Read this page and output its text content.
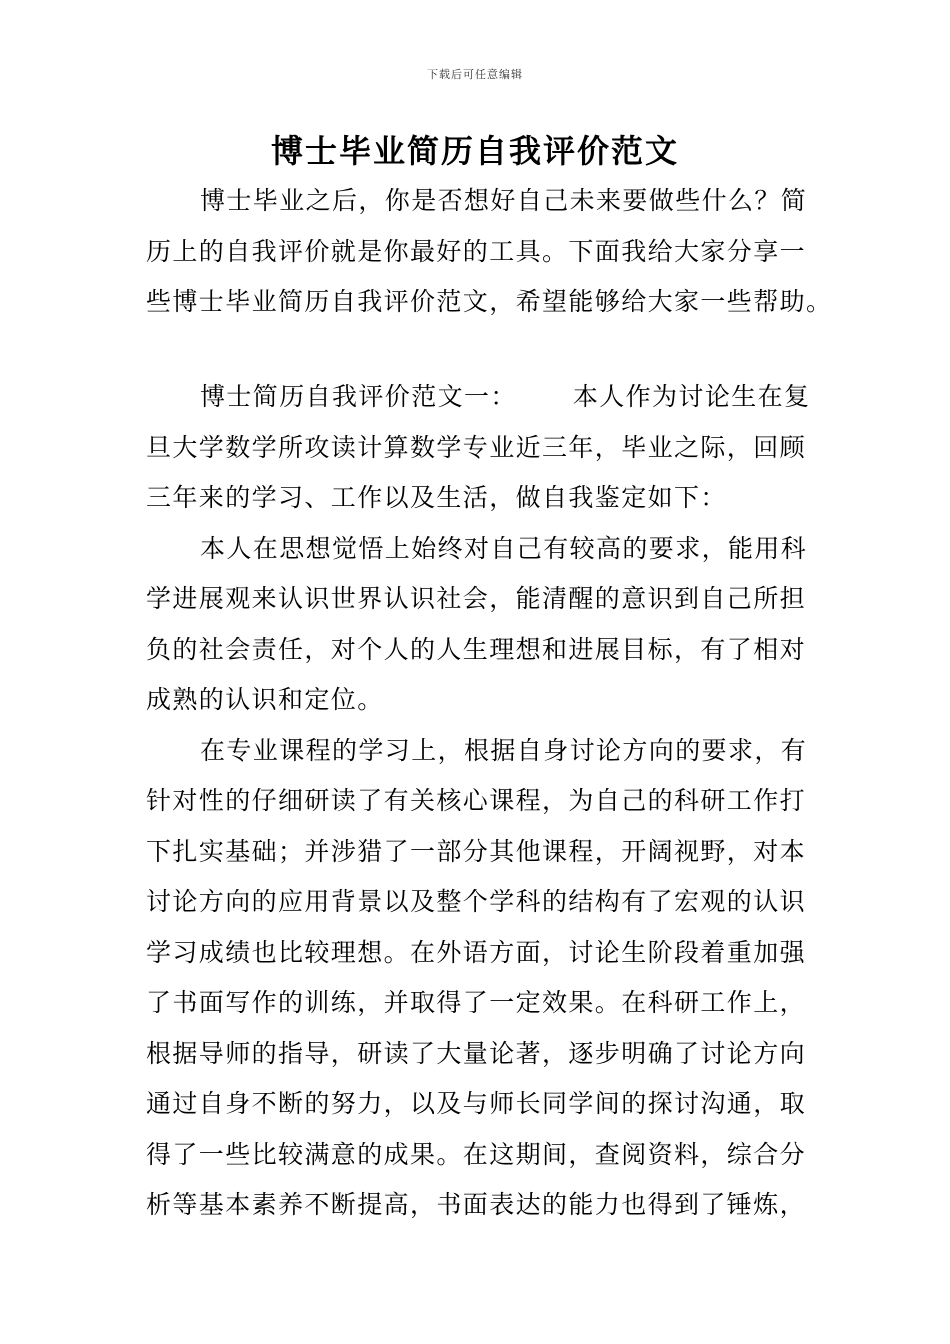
下载后可任意编辑
博士毕业简历自我评价范文
博士毕业之后，你是否想好自己未来要做些什么？简
历上的自我评价就是你最好的工具。下面我给大家分享一
些博士毕业简历自我评价范文，希望能够给大家一些帮助。
博士简历自我评价范文一： 本人作为讨论生在复
旦大学数学所攻读计算数学专业近三年，毕业之际，回顾
三年来的学习、工作以及生活，做自我鉴定如下：
本人在思想觉悟上始终对自己有较高的要求，能用科
学进展观来认识世界认识社会，能清醒的意识到自己所担
负的社会责任，对个人的人生理想和进展目标，有了相对
成熟的认识和定位。
在专业课程的学习上，根据自身讨论方向的要求，有
针对性的仔细研读了有关核心课程，为自己的科研工作打
下扎实基础；并涉猎了一部分其他课程，开阔视野，对本
讨论方向的应用背景以及整个学科的结构有了宏观的认识
学习成绩也比较理想。在外语方面，讨论生阶段着重加强
了书面写作的训练，并取得了一定效果。在科研工作上，
根据导师的指导，研读了大量论著，逐步明确了讨论方向
通过自身不断的努力，以及与师长同学间的探讨沟通，取
得了一些比较满意的成果。在这期间，查阅资料，综合分
析等基本素养不断提高，书面表达的能力也得到了锤炼，
